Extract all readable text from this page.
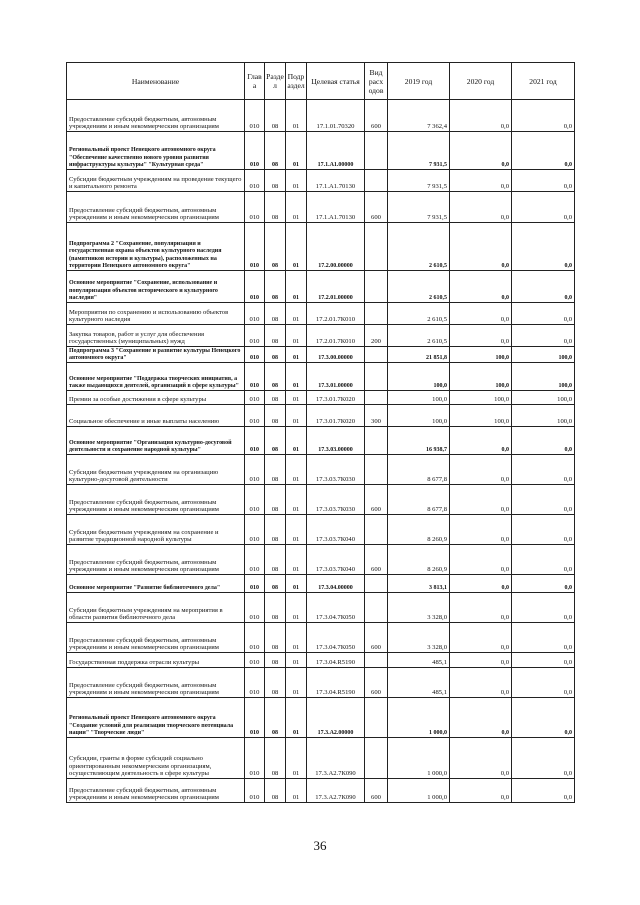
Наименование	Глав а	Разде л	Подр аздел	Целевая статья	Вид расх одов	2019 год	2020 год	2021 год
Предоставление субсидий бюджетным, автономным учреждениям и иным некоммерческим организациям	010	08	01	17.1.01.70320	600	7 362,4	0,0	0,0
Региональный проект Ненецкого автономного округа "Обеспечение качественно нового уровня развития инфраструктуры культуры" "Культурная среда"	010	08	01	17.1.A1.00000		7 931,5	0,0	0,0
Субсидии бюджетным учреждениям на проведение текущего и капитального ремонта	010	08	01	17.1.A1.70130		7 931,5	0,0	0,0
Предоставление субсидий бюджетным, автономным учреждениям и иным некоммерческим организациям	010	08	01	17.1.A1.70130	600	7 931,5	0,0	0,0
Подпрограмма 2 "Сохранение, популяризация и государственная охрана объектов культурного наследия (памятников истории и культуры), расположенных на территории Ненецкого автономного округа"	010	08	01	17.2.00.00000		2 610,5	0,0	0,0
Основное мероприятие "Сохранение, использование и популяризация объектов исторического и культурного наследия"	010	08	01	17.2.01.00000		2 610,5	0,0	0,0
Мероприятия по сохранению и использованию объектов культурного наследия	010	08	01	17.2.01.7К010		2 610,5	0,0	0,0
Закупка товаров, работ и услуг для обеспечения государственных (муниципальных) нужд	010	08	01	17.2.01.7К010	200	2 610,5	0,0	0,0
Подпрограмма 3 "Сохранение и развитие культуры Ненецкого автономного округа"	010	08	01	17.3.00.00000		21 851,8	100,0	100,0
Основное мероприятие "Поддержка творческих инициатив, а также выдающихся деятелей, организаций в сфере культуры"	010	08	01	17.3.01.00000		100,0	100,0	100,0
Премии за особые достижения в сфере культуры	010	08	01	17.3.01.7К020		100,0	100,0	100,0
Социальное обеспечение и иные выплаты населению	010	08	01	17.3.01.7К020	300	100,0	100,0	100,0
Основное мероприятие "Организация культурно-досуговой деятельности и сохранение народной культуры"	010	08	01	17.3.03.00000		16 938,7	0,0	0,0
Субсидии бюджетным учреждениям на организацию культурно-досуговой деятельности	010	08	01	17.3.03.7К030		8 677,8	0,0	0,0
Предоставление субсидий бюджетным, автономным учреждениям и иным некоммерческим организациям	010	08	01	17.3.03.7К030	600	8 677,8	0,0	0,0
Субсидии бюджетным учреждениям на сохранение и развитие традиционной народной культуры	010	08	01	17.3.03.7К040		8 260,9	0,0	0,0
Предоставление субсидий бюджетным, автономным учреждениям и иным некоммерческим организациям	010	08	01	17.3.03.7К040	600	8 260,9	0,0	0,0
Основное мероприятие "Развитие библиотечного дела"	010	08	01	17.3.04.00000		3 813,1	0,0	0,0
Субсидии бюджетным учреждениям на мероприятия в области развития библиотечного дела	010	08	01	17.3.04.7К050		3 328,0	0,0	0,0
Предоставление субсидий бюджетным, автономным учреждениям и иным некоммерческим организациям	010	08	01	17.3.04.7К050	600	3 328,0	0,0	0,0
Государственная поддержка отрасли культуры	010	08	01	17.3.04.R5190		485,1	0,0	0,0
Предоставление субсидий бюджетным, автономным учреждениям и иным некоммерческим организациям	010	08	01	17.3.04.R5190	600	485,1	0,0	0,0
Региональный проект Ненецкого автономного округа "Создание условий для реализации творческого потенциала нации" "Творческие люди"	010	08	01	17.3.A2.00000		1 000,0	0,0	0,0
Субсидии, гранты в форме субсидий социально ориентированным некоммерческим организациям, осуществляющим деятельность в сфере культуры	010	08	01	17.3.A2.7К090		1 000,0	0,0	0,0
Предоставление субсидий бюджетным, автономным учреждениям и иным некоммерческим организациям	010	08	01	17.3.A2.7К090	600	1 000,0	0,0	0,0
36
